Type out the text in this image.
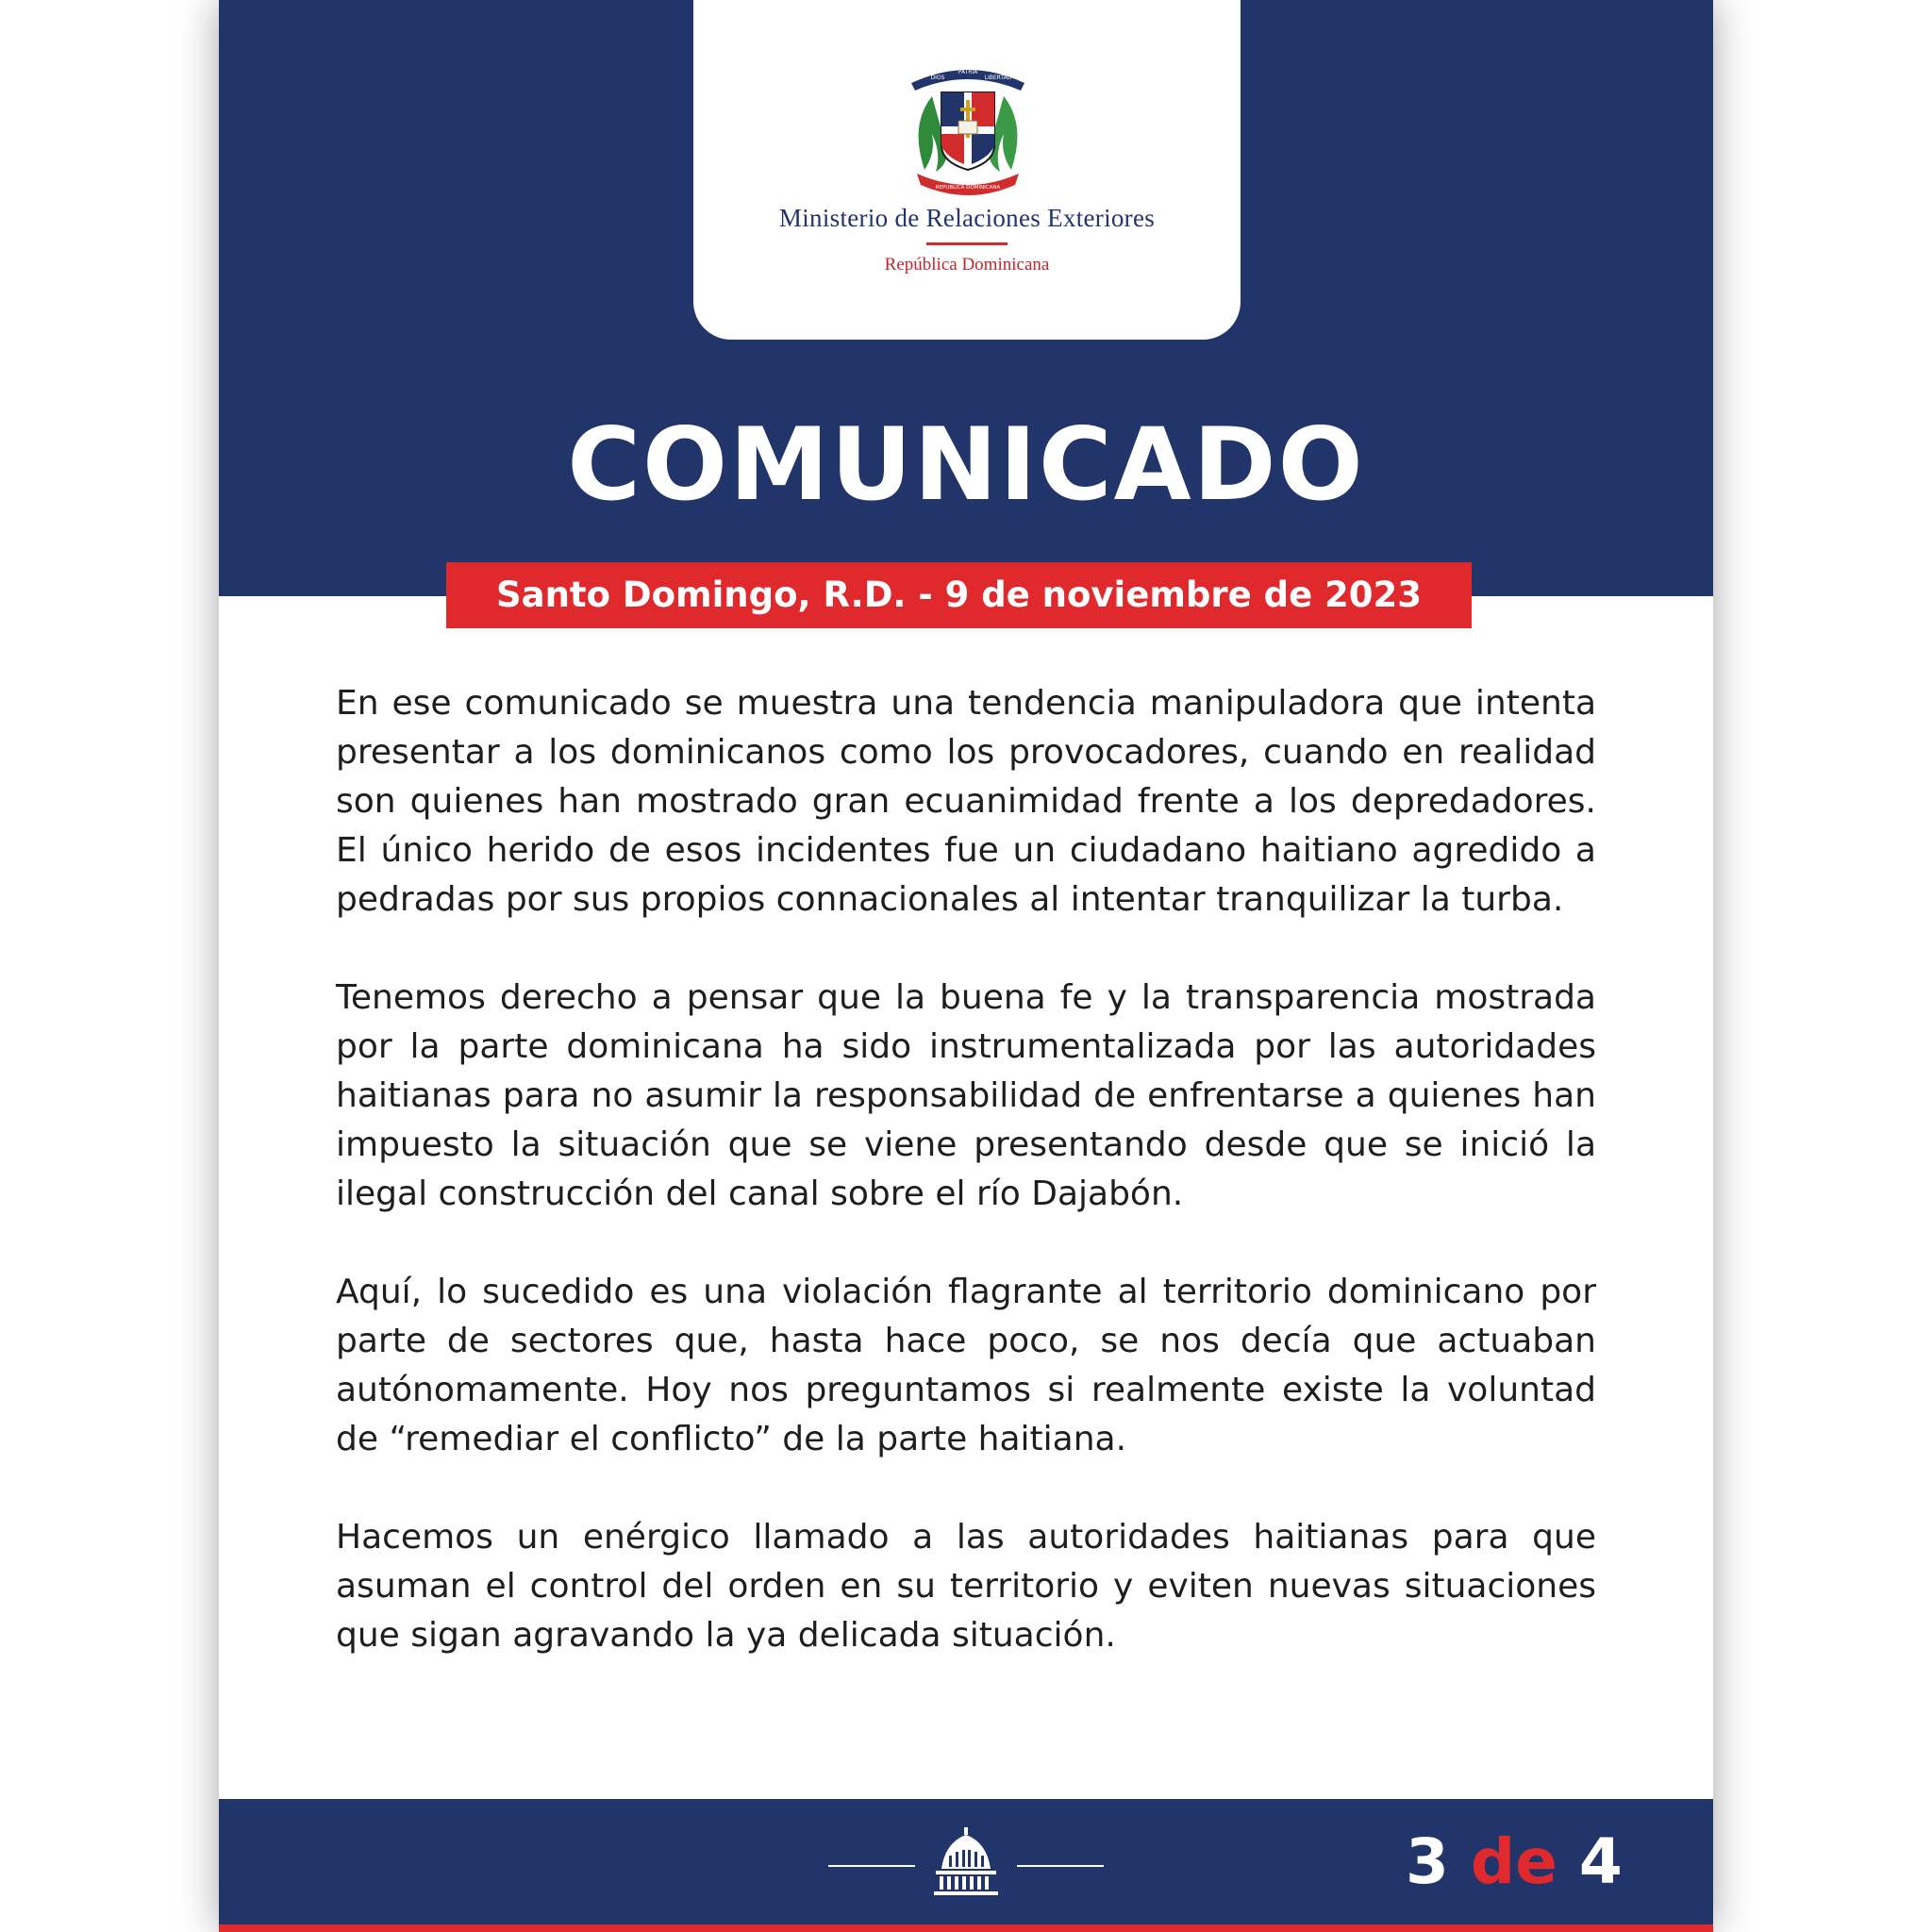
DIOS
PATRIA
LIBERTAD
REPUBLICA DOMINICANA
Ministerio de Relaciones Exteriores
República Dominicana
COMUNICADO
Santo Domingo, R.D. - 9 de noviembre de 2023

En ese comunicado se muestra una tendencia manipuladora que intenta presentar a los dominicanos como los provocadores, cuando en realidad son quienes han mostrado gran ecuanimidad frente a los depredadores. El único herido de esos incidentes fue un ciudadano haitiano agredido a pedradas por sus propios connacionales al intentar tranquilizar la turba.

Tenemos derecho a pensar que la buena fe y la transparencia mostrada por la parte dominicana ha sido instrumentalizada por las autoridades haitianas para no asumir la responsabilidad de enfrentarse a quienes han impuesto la situación que se viene presentando desde que se inició la ilegal construcción del canal sobre el río Dajabón.

Aquí, lo sucedido es una violación flagrante al territorio dominicano por parte de sectores que, hasta hace poco, se nos decía que actuaban autónomamente. Hoy nos preguntamos si realmente existe la voluntad de “remediar el conflicto” de la parte haitiana.

Hacemos un enérgico llamado a las autoridades haitianas para que asuman el control del orden en su territorio y eviten nuevas situaciones que sigan agravando la ya delicada situación.

3 de 4
